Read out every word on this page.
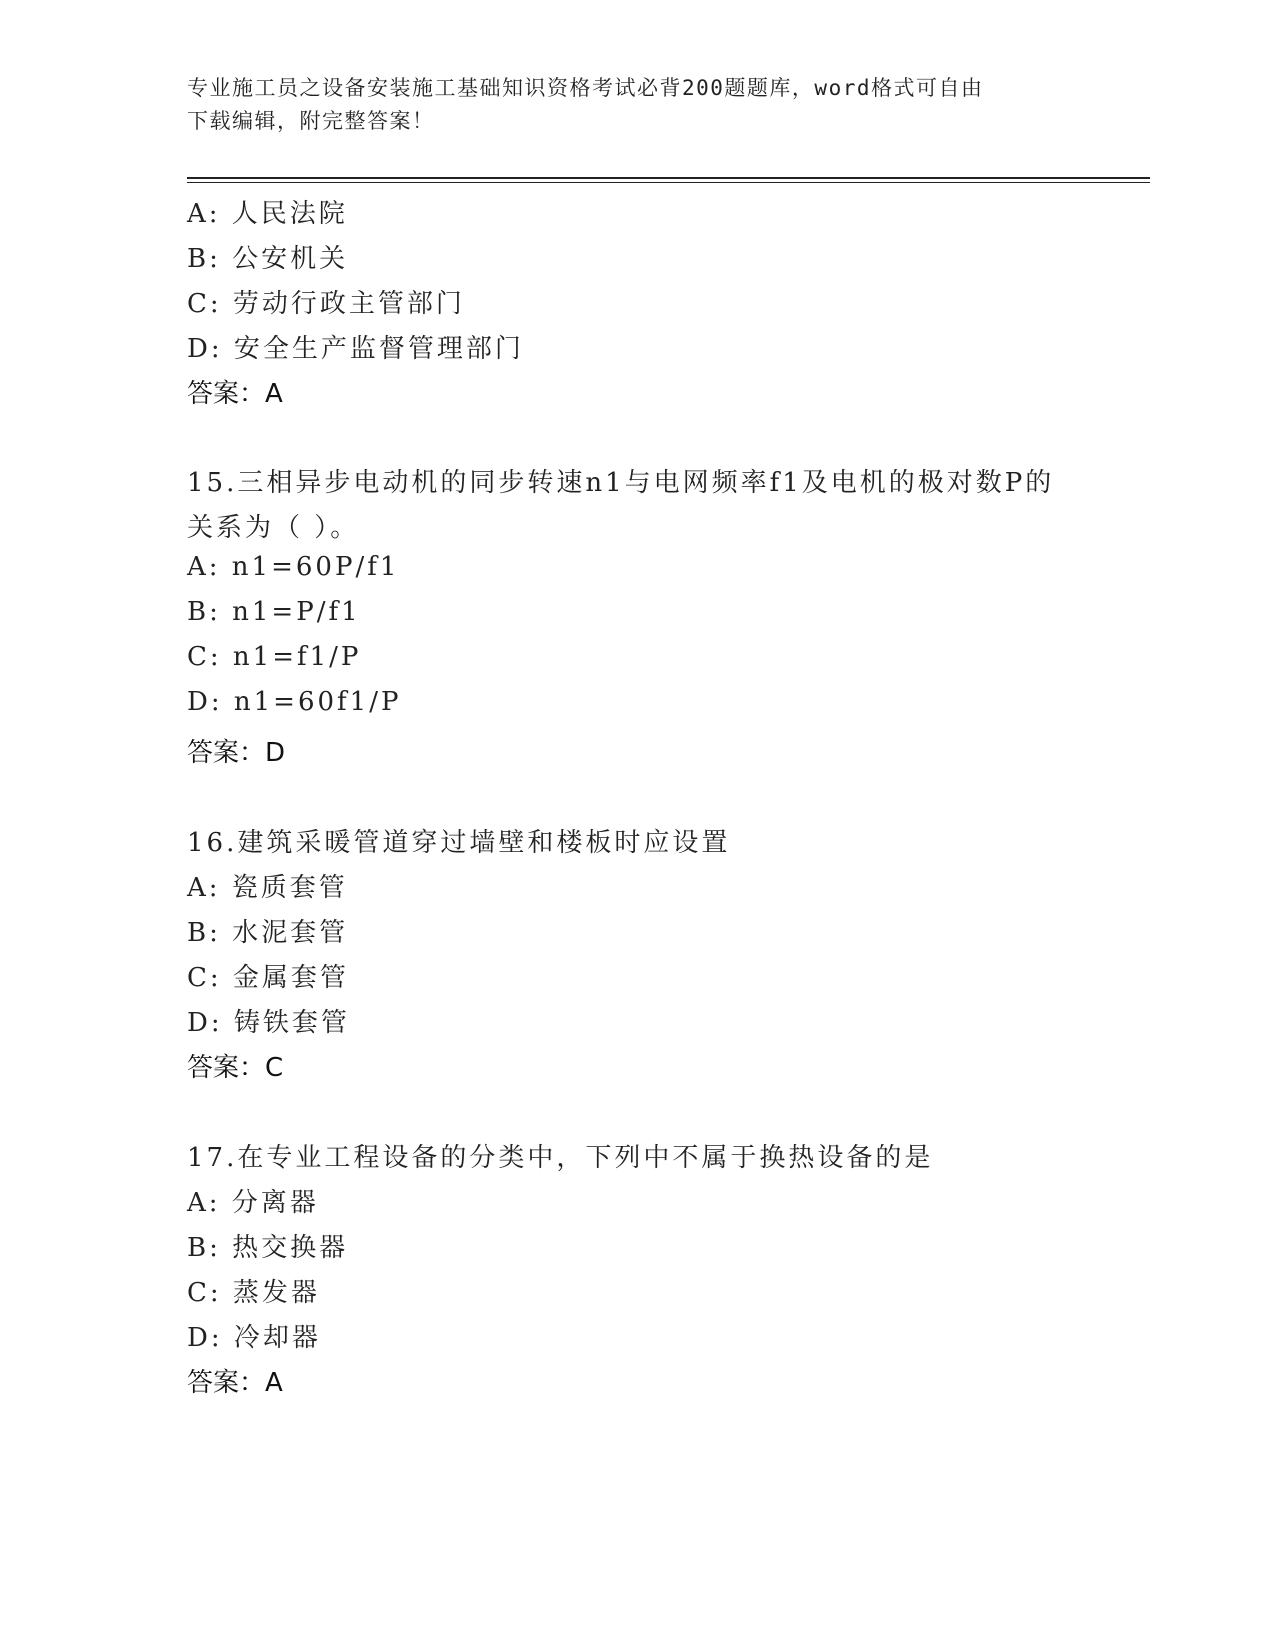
专业施工员之设备安装施工基础知识资格考试必背200题题库，word格式可自由
下载编辑，附完整答案！
A: 人民法院
B: 公安机关
C: 劳动行政主管部门
D: 安全生产监督管理部门
答案：A
15.三相异步电动机的同步转速n1与电网频率f1及电机的极对数P的
关系为（ ）。
A: n1=60P/f1
B: n1=P/f1
C: n1=f1/P
D: n1=60f1/P
答案：D
16.建筑采暖管道穿过墙壁和楼板时应设置
A: 瓷质套管
B: 水泥套管
C: 金属套管
D: 铸铁套管
答案：C
17.在专业工程设备的分类中，下列中不属于换热设备的是
A: 分离器
B: 热交换器
C: 蒸发器
D: 冷却器
答案：A
